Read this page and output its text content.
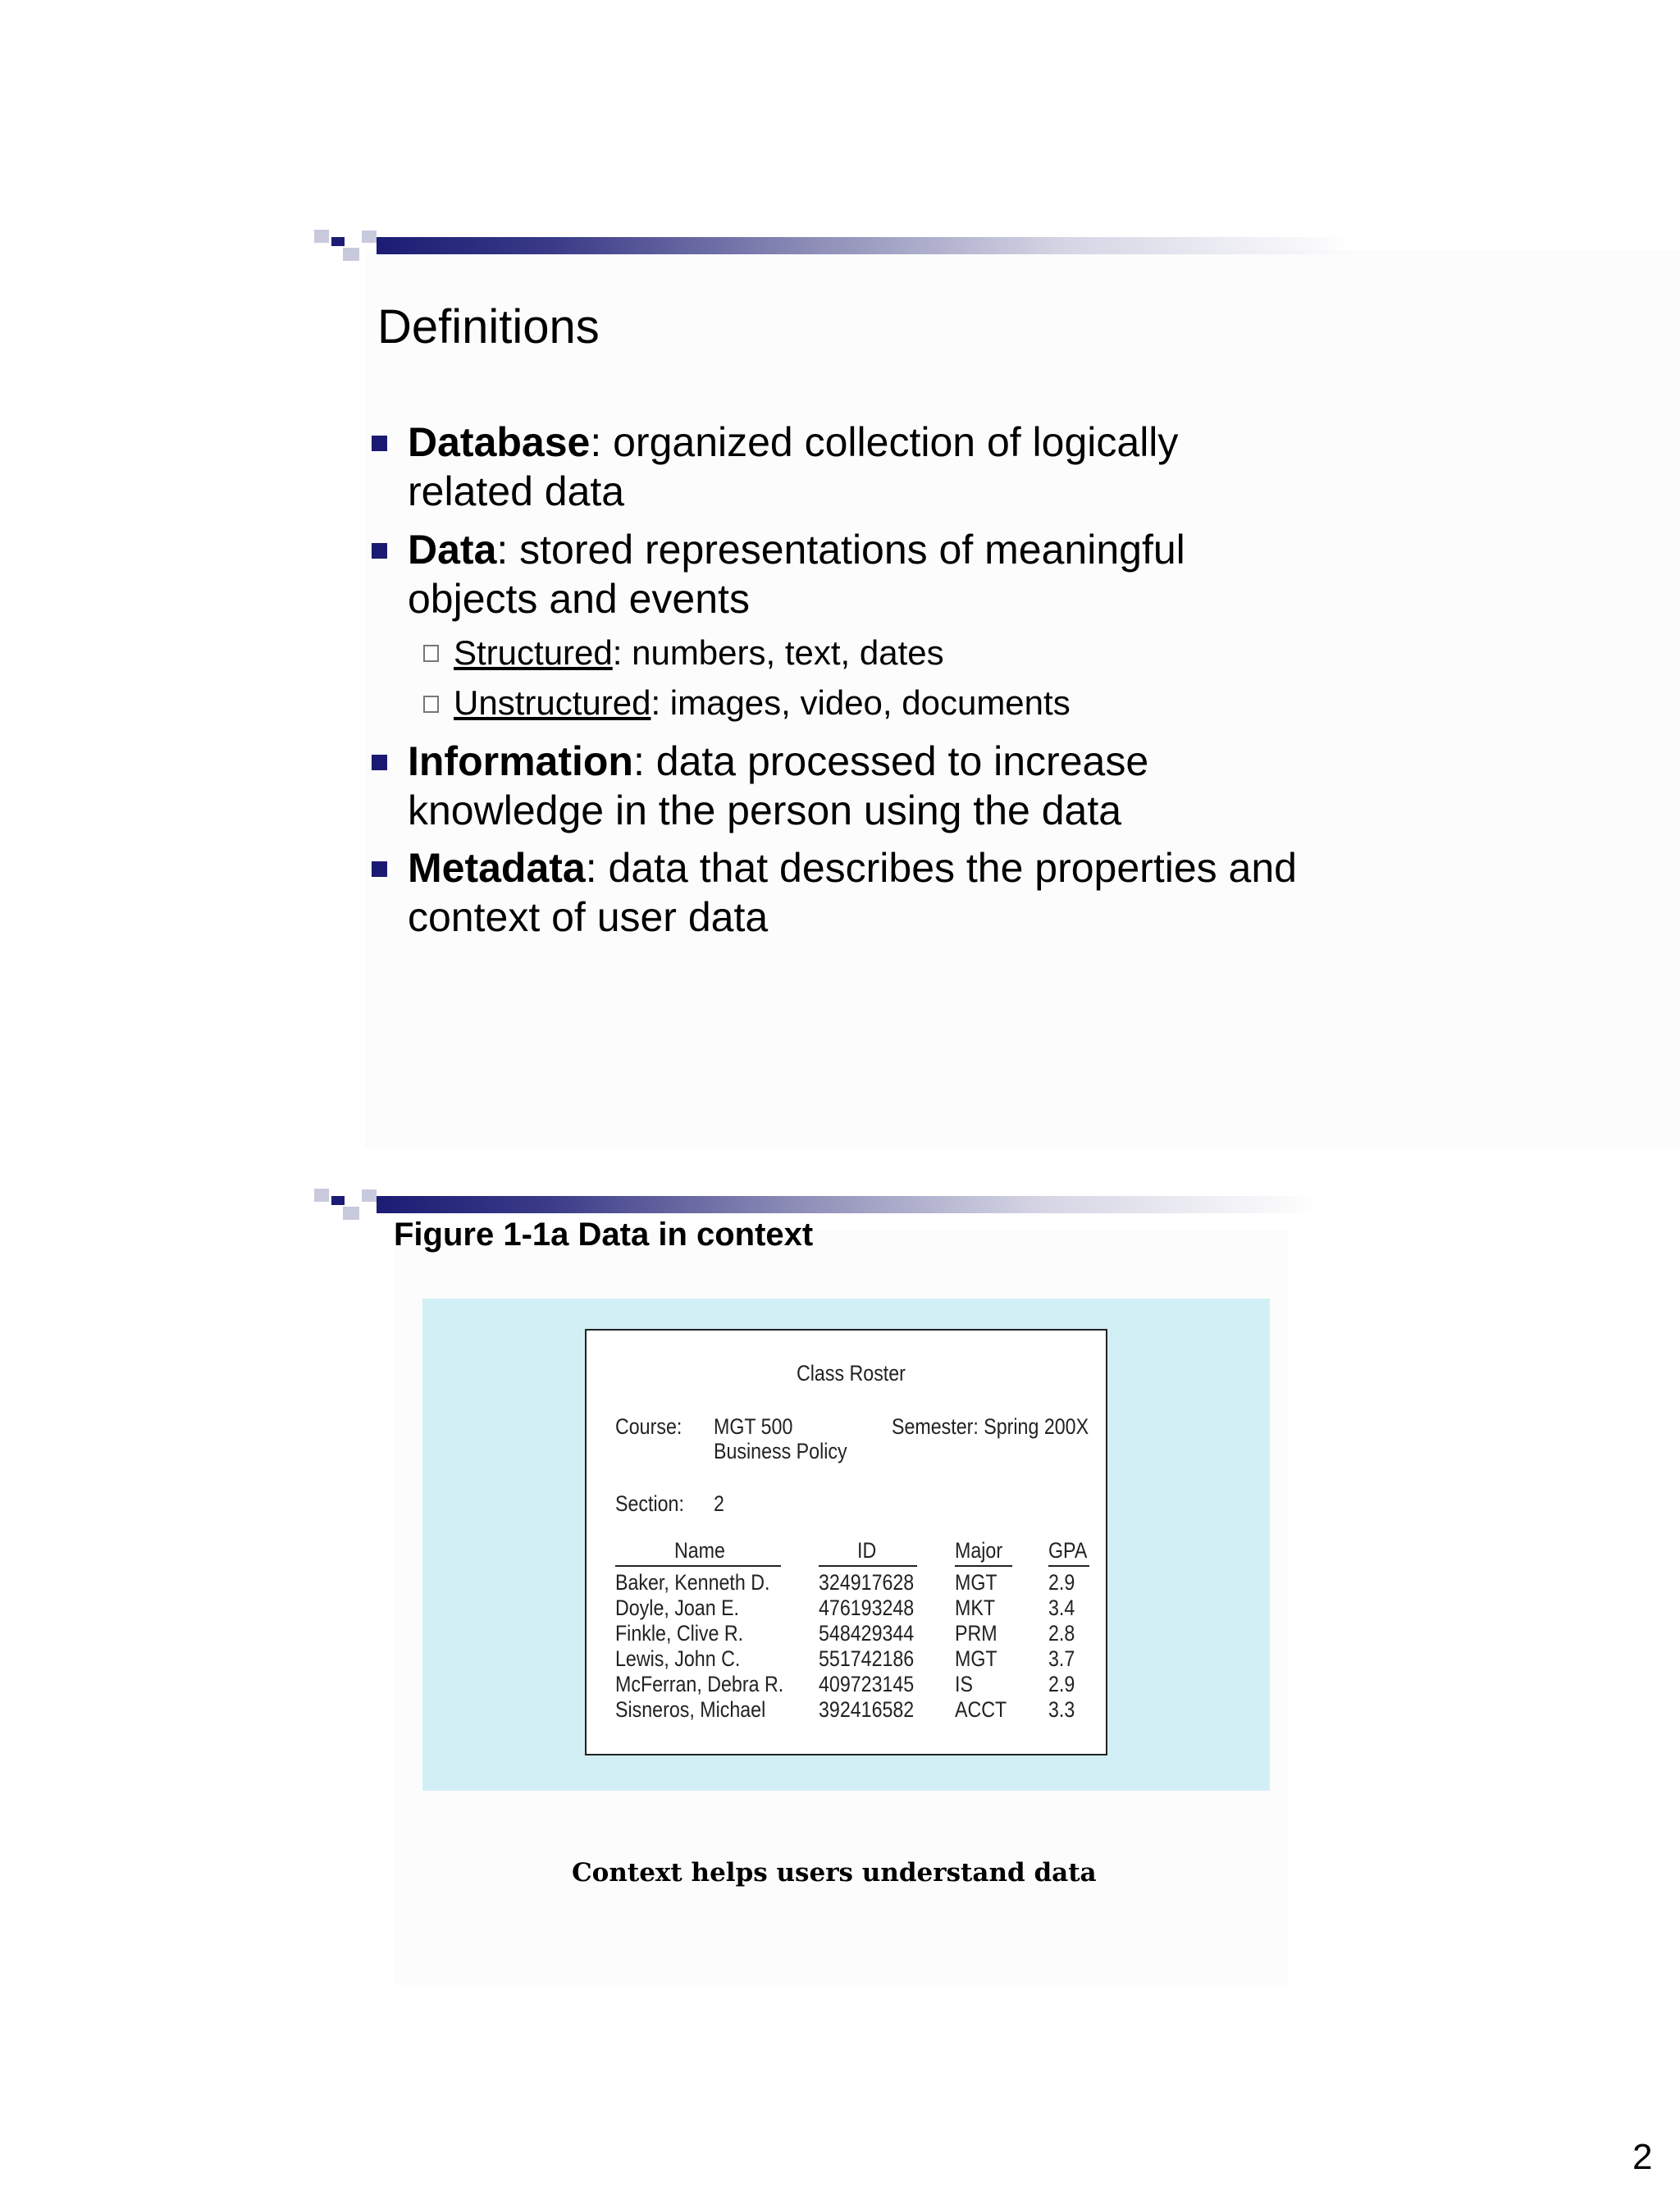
Definitions
Database: organized collection of logically
related data
Data: stored representations of meaningful
objects and events
Structured: numbers, text, dates
Unstructured: images, video, documents
Information: data processed to increase
knowledge in the person using the data
Metadata: data that describes the properties and
context of user data
Figure 1-1a Data in context
Class Roster
Course: MGT 500
Business Policy
Semester: Spring 200X
Section: 2
Name	ID	Major GPA
Baker, Kenneth D. 324917628 MGT 2.9
Doyle, Joan E.	476193248 MKT 3.4
Finkle, Clive R.	548429344 PRM 2.8
Lewis, John C.	551742186 MGT 3.7
McFerran, Debra R. 409723145 IS	2.9
Sisneros, Michael 392416582 ACCT 3.3
Context helps users understand data
2
